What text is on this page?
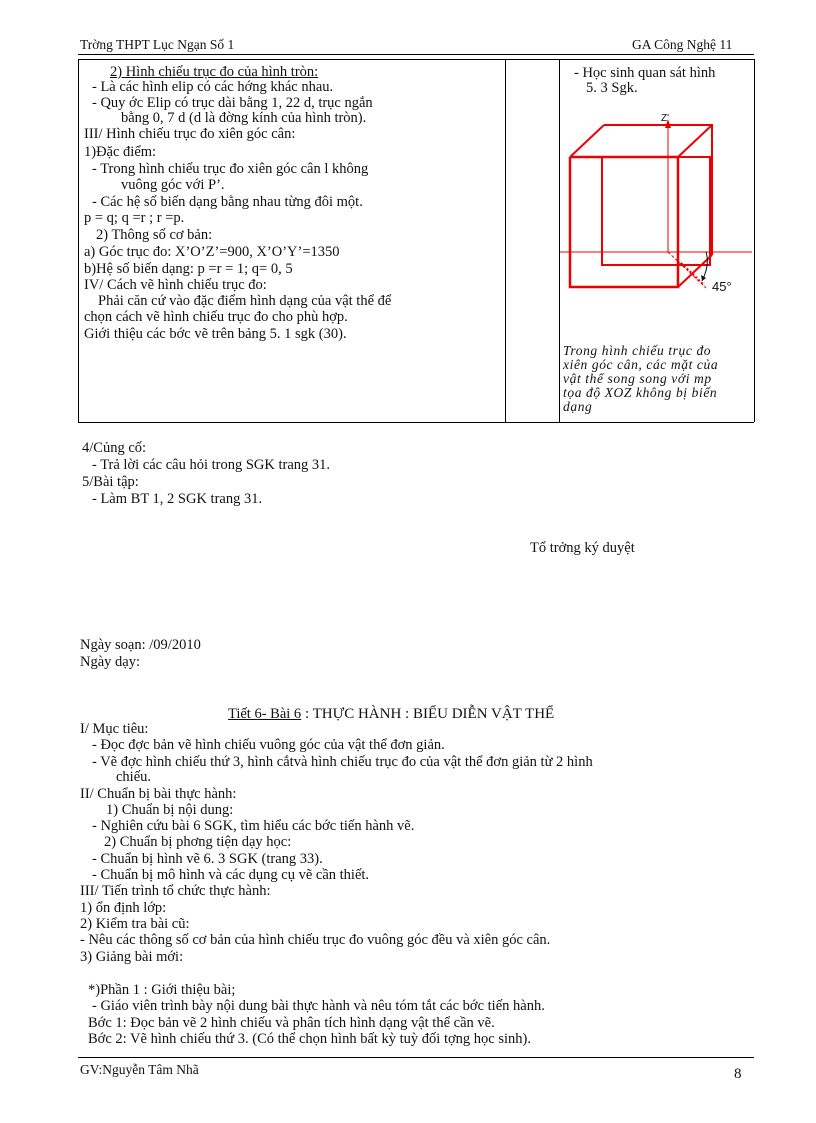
Trờng THPT Lục Ngạn Số 1	GA Công Nghệ 11
2) Hình chiếu trục đo của hình tròn:
- Là các hình elip có các hớng khác nhau.
- Quy ớc Elip có trục dài bằng 1, 22 d, trục ngắn
bằng 0, 7 d (d là đờng kính của hình tròn).
III/ Hình chiếu trục đo xiên góc cân:
1)Đặc điểm:
- Trong hình chiếu trục đo xiên góc cân l không
vuông góc với P’.
- Các hệ số biến dạng bằng nhau từng đôi một.
p = q; q =r ; r =p.
2) Thông số cơ bản:
a) Góc trục đo: X’O’Z’=900, X’O’Y’=1350
b)Hệ số biến dạng: p =r = 1; q= 0, 5
IV/ Cách vẽ hình chiếu trục đo:
Phải căn cứ vào đặc điểm hình dạng của vật thể để
chọn cách vẽ hình chiếu trục đo cho phù hợp.
Giới thiệu các bớc vẽ trên bảng 5. 1 sgk (30).
- Học sinh quan sát hình
5. 3 Sgk.
Z'
45°
Trong hình chiếu trục đo
xiên góc cân, các mặt của
vật thể song song với mp
tọa độ XOZ không bị biến
dạng
4/Củng cố:
- Trả lời các câu hỏi trong SGK trang 31.
5/Bài tập:
- Làm BT 1, 2 SGK trang 31.
Tổ trởng ký duyệt
Ngày soạn: /09/2010
Ngày dạy:
Tiết 6- Bài 6 : THỰC HÀNH : BIỂU DIỄN VẬT THỂ
I/ Mục tiêu:
- Đọc đợc bản vẽ hình chiếu vuông góc của vật thể đơn giản.
- Vẽ đợc hình chiếu thứ 3, hình cắtvà hình chiếu trục đo của vật thể đơn giản từ 2 hình
chiếu.
II/ Chuẩn bị bài thực hành:
1) Chuẩn bị nội dung:
- Nghiên cứu bài 6 SGK, tìm hiểu các bớc tiến hành vẽ.
2) Chuẩn bị phơng tiện dạy học:
- Chuẩn bị hình vẽ 6. 3 SGK (trang 33).
- Chuẩn bị mô hình và các dụng cụ vẽ cần thiết.
III/ Tiến trình tổ chức thực hành:
1) ổn định lớp:
2) Kiểm tra bài cũ:
- Nêu các thông số cơ bản của hình chiếu trục đo vuông góc đều và xiên góc cân.
3) Giảng bài mới:
*)Phần 1 : Giới thiệu bài;
- Giáo viên trình bày nội dung bài thực hành và nêu tóm tắt các bớc tiến hành.
Bớc 1: Đọc bản vẽ 2 hình chiếu và phân tích hình dạng vật thể cần vẽ.
Bớc 2: Vẽ hình chiếu thứ 3. (Có thể chọn hình bất kỳ tuỳ đối tợng học sinh).
GV:Nguyễn Tâm Nhã	8
